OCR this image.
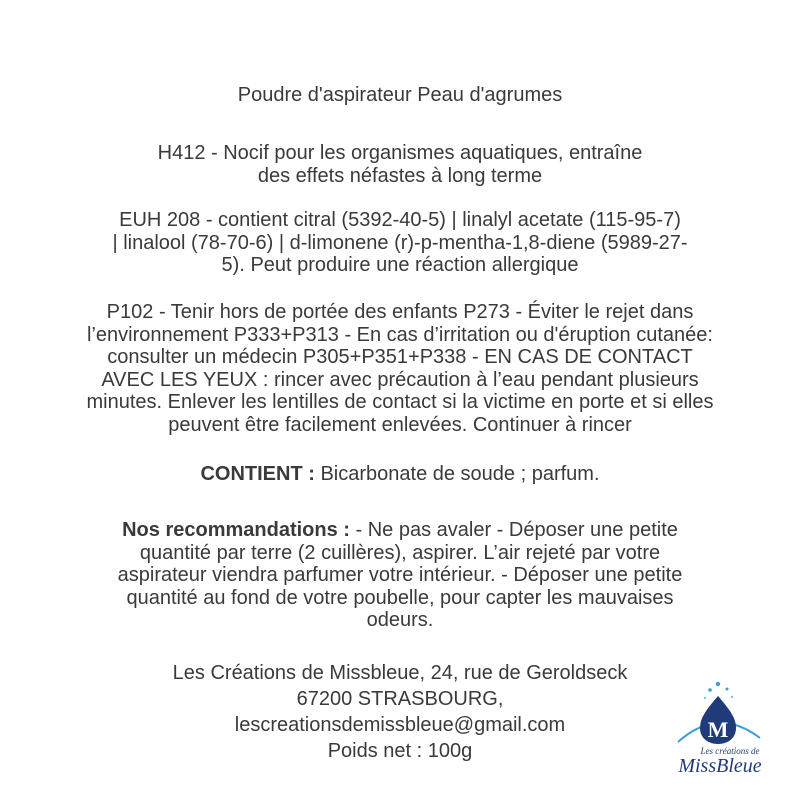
Poudre d'aspirateur Peau d'agrumes
H412 - Nocif pour les organismes aquatiques, entraîne
des effets néfastes à long terme
EUH 208 - contient citral (5392-40-5) | linalyl acetate (115-95-7)
| linalool (78-70-6) | d-limonene (r)-p-mentha-1,8-diene (5989-27-
5). Peut produire une réaction allergique
P102 - Tenir hors de portée des enfants P273 - Éviter le rejet dans
l’environnement P333+P313 - En cas d’irritation ou d'éruption cutanée:
consulter un médecin P305+P351+P338 - EN CAS DE CONTACT
AVEC LES YEUX : rincer avec précaution à l’eau pendant plusieurs
minutes. Enlever les lentilles de contact si la victime en porte et si elles
peuvent être facilement enlevées. Continuer à rincer
CONTIENT : Bicarbonate de soude ; parfum.
Nos recommandations : - Ne pas avaler - Déposer une petite
quantité par terre (2 cuillères), aspirer. L’air rejeté par votre
aspirateur viendra parfumer votre intérieur. - Déposer une petite
quantité au fond de votre poubelle, pour capter les mauvaises
odeurs.
Les Créations de Missbleue, 24, rue de Geroldseck
67200 STRASBOURG,
lescreationsdemissbleue@gmail.com
Poids net : 100g
M
Les créations de
MissBleue
